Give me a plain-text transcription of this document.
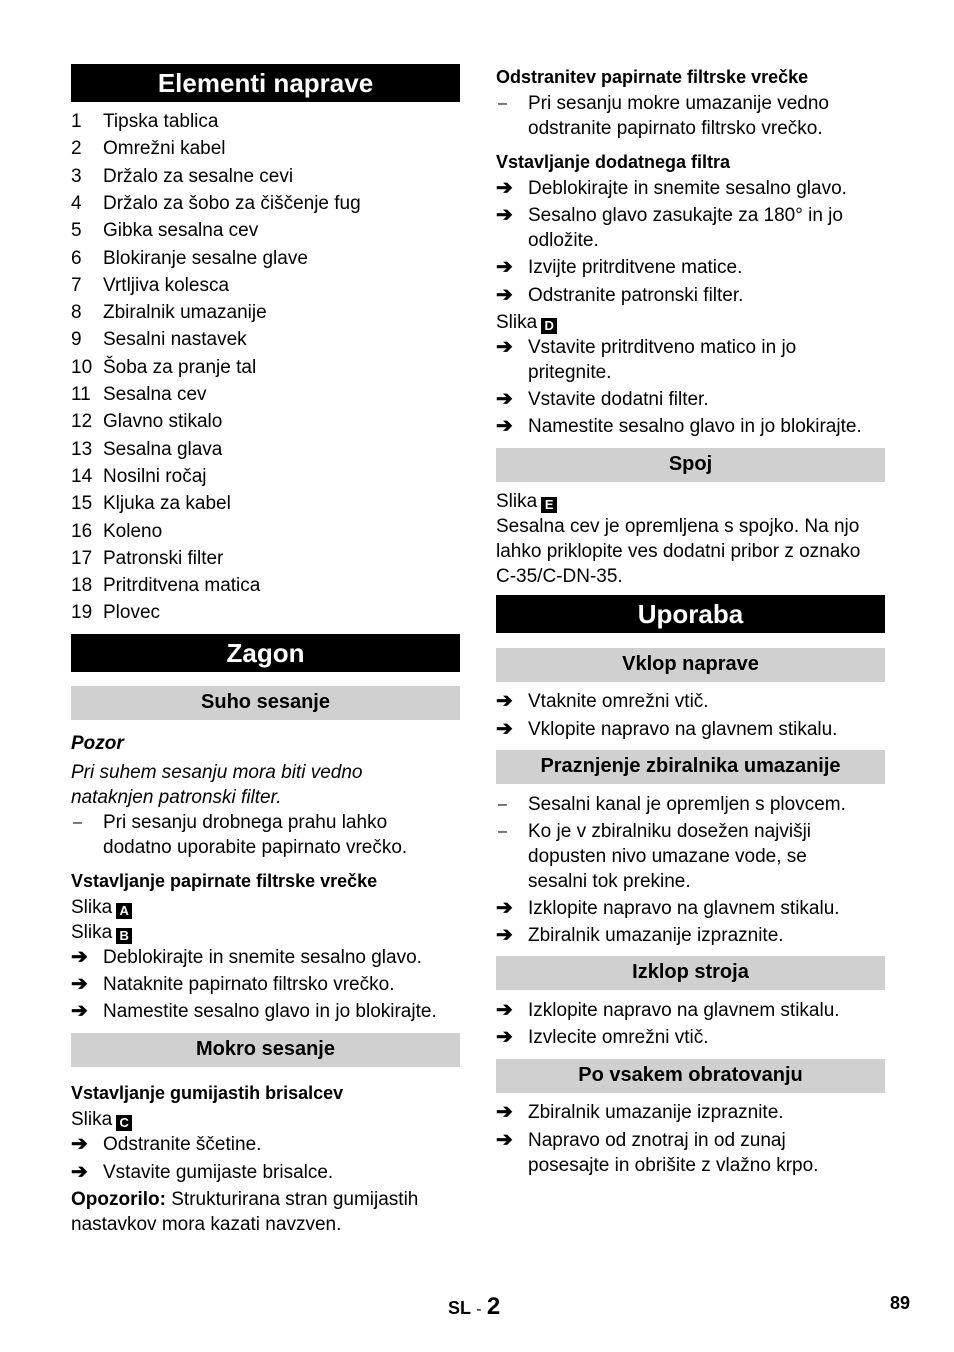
Elementi naprave
1 Tipska tablica
2 Omrežni kabel
3 Držalo za sesalne cevi
4 Držalo za šobo za čiščenje fug
5 Gibka sesalna cev
6 Blokiranje sesalne glave
7 Vrtljiva kolesca
8 Zbiralnik umazanije
9 Sesalni nastavek
10 Šoba za pranje tal
11 Sesalna cev
12 Glavno stikalo
13 Sesalna glava
14 Nosilni ročaj
15 Kljuka za kabel
16 Koleno
17 Patronski filter
18 Pritrditvena matica
19 Plovec
Zagon
Suho sesanje
Pozor
Pri suhem sesanju mora biti vedno
nataknjen patronski filter.
– Pri sesanju drobnega prahu lahko
dodatno uporabite papirnato vrečko.
Vstavljanje papirnate filtrske vrečke
Slika A
Slika B
➔ Deblokirajte in snemite sesalno glavo.
➔ Nataknite papirnato filtrsko vrečko.
➔ Namestite sesalno glavo in jo blokirajte.
Mokro sesanje
Vstavljanje gumijastih brisalcev
Slika C
➔ Odstranite ščetine.
➔ Vstavite gumijaste brisalce.
Opozorilo: Strukturirana stran gumijastih
nastavkov mora kazati navzven.
Odstranitev papirnate filtrske vrečke
– Pri sesanju mokre umazanije vedno
odstranite papirnato filtrsko vrečko.
Vstavljanje dodatnega filtra
➔ Deblokirajte in snemite sesalno glavo.
➔ Sesalno glavo zasukajte za 180° in jo
odložite.
➔ Izvijte pritrditvene matice.
➔ Odstranite patronski filter.
Slika D
➔ Vstavite pritrditveno matico in jo
pritegnite.
➔ Vstavite dodatni filter.
➔ Namestite sesalno glavo in jo blokirajte.
Spoj
Slika E
Sesalna cev je opremljena s spojko. Na njo
lahko priklopite ves dodatni pribor z oznako
C-35/C-DN-35.
Uporaba
Vklop naprave
➔ Vtaknite omrežni vtič.
➔ Vklopite napravo na glavnem stikalu.
Praznjenje zbiralnika umazanije
– Sesalni kanal je opremljen s plovcem.
– Ko je v zbiralniku dosežen najvišji
dopusten nivo umazane vode, se
sesalni tok prekine.
➔ Izklopite napravo na glavnem stikalu.
➔ Zbiralnik umazanije izpraznite.
Izklop stroja
➔ Izklopite napravo na glavnem stikalu.
➔ Izvlecite omrežni vtič.
Po vsakem obratovanju
➔ Zbiralnik umazanije izpraznite.
➔ Napravo od znotraj in od zunaj
posesajte in obrišite z vlažno krpo.
SL - 2	89
